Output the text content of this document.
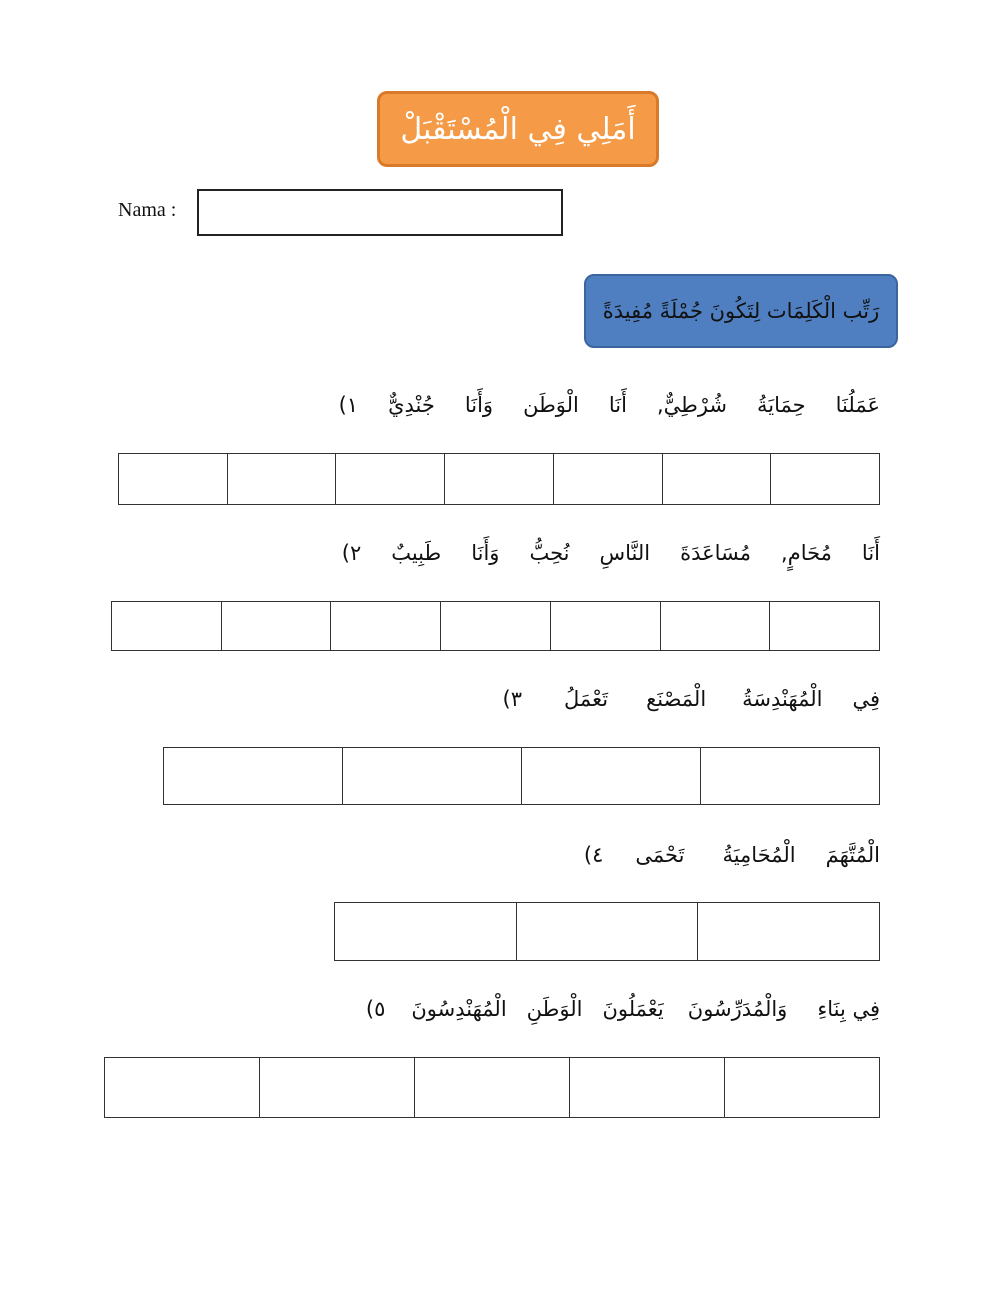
أَمَلِي فِي الْمُسْتَقْبَلْ
Nama :
رَتِّب الْكَلِمَات لِتَكُونَ جُمْلَةً مُفِيدَةً
١) جُنْدِيٌّ وَأَنَا الْوَطَن أَنَا شُرْطِيٌّ, حِمَايَةُ عَمَلُنَا
٢) طَبِيبٌ وَأَنَا نُحِبُّ النَّاسِ مُسَاعَدَةَ مُحَامٍ, أَنَا
٣) تَعْمَلُ الْمَصْنَع الْمُهَنْدِسَةُ فِي
٤) تَحْمَى الْمُحَامِيَةُ الْمُتَّهَمَ
٥) الْمُهَنْدِسُونَ الْوَطَنِ يَعْمَلُونَ وَالْمُدَرِّسُونَ فِي بِنَاءِ
